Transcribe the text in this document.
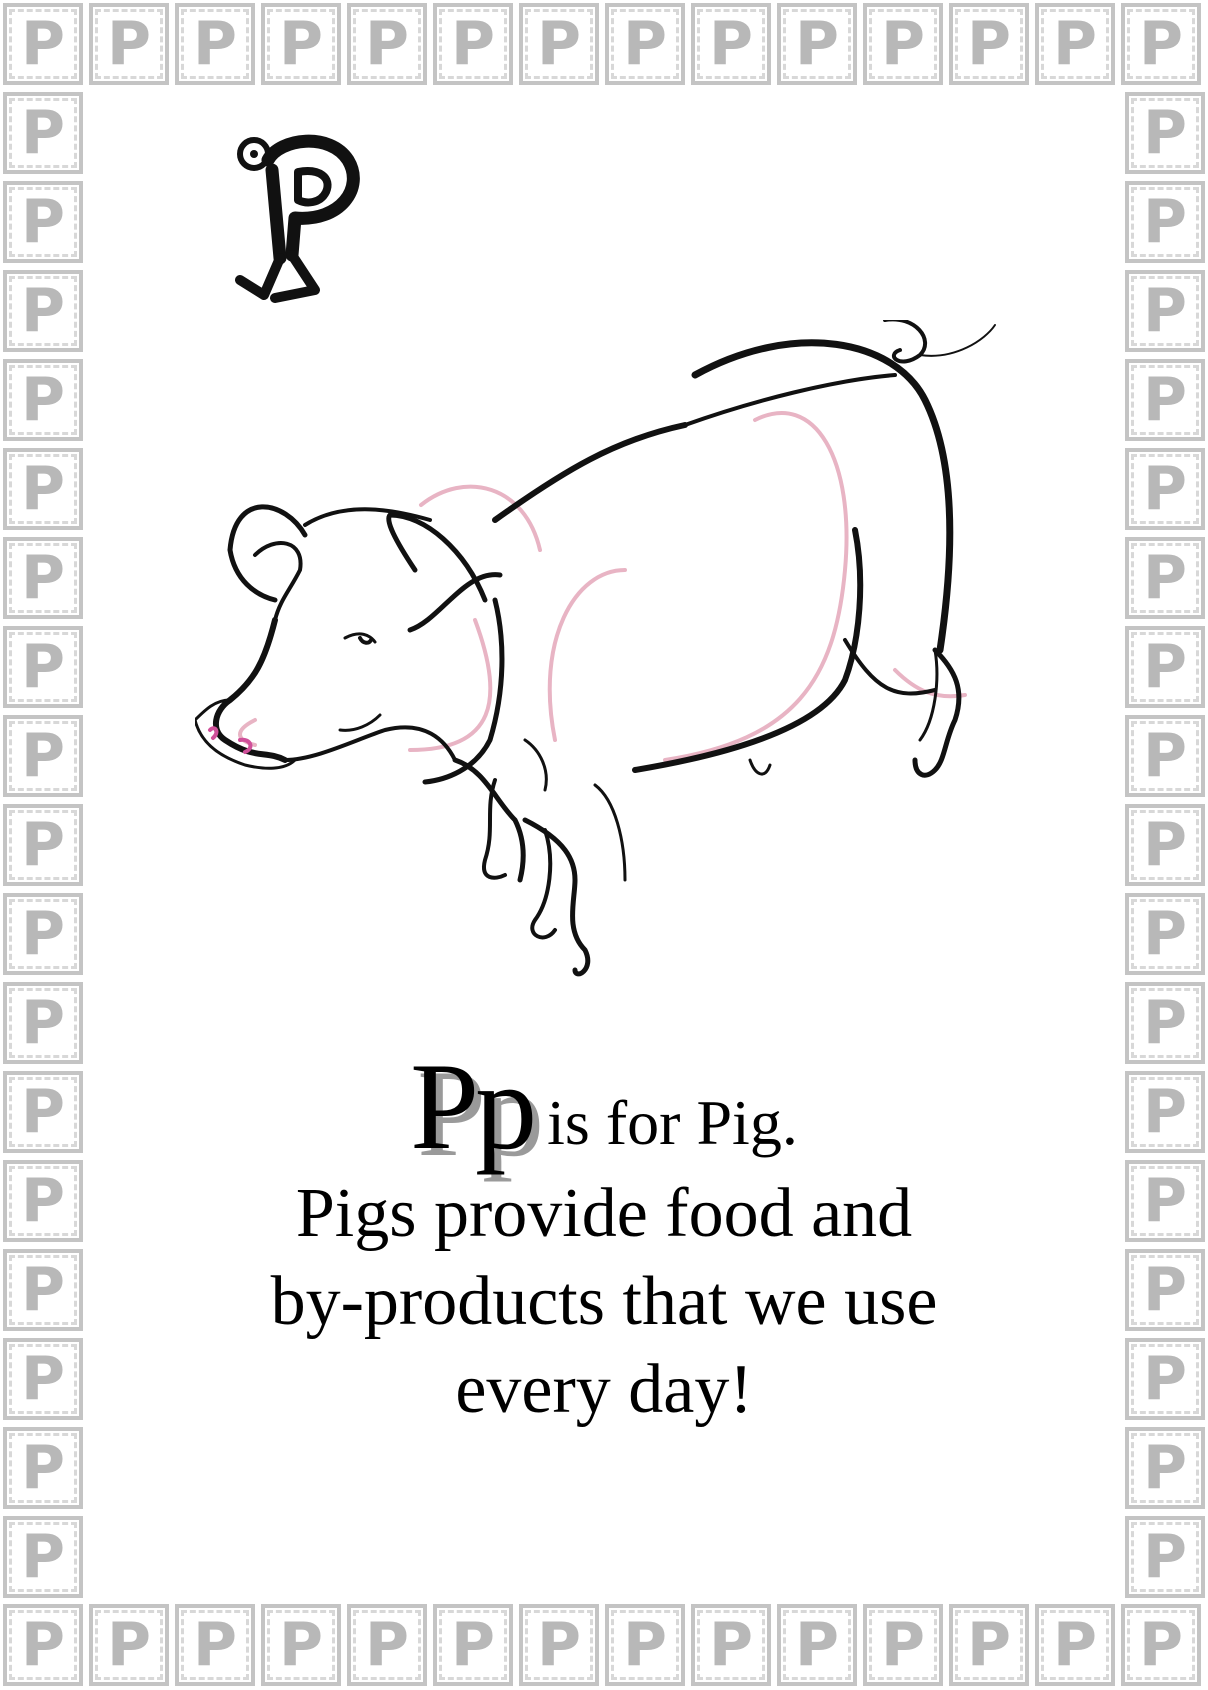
P
P
P
P
P
P
P
P
P
P
P
P
P
P
P
P
P
P
P
P
P
P
P
P
P
P
P
P
P	P
P	P
P	P
P	P
P	P
P	P
P	P
P	P
P	P
P	P
P	P
P	P
P	P
P	P
P	P
P	P
P	P
Pp is for Pig.
Pigs provide food and
by-products that we use
every day!
